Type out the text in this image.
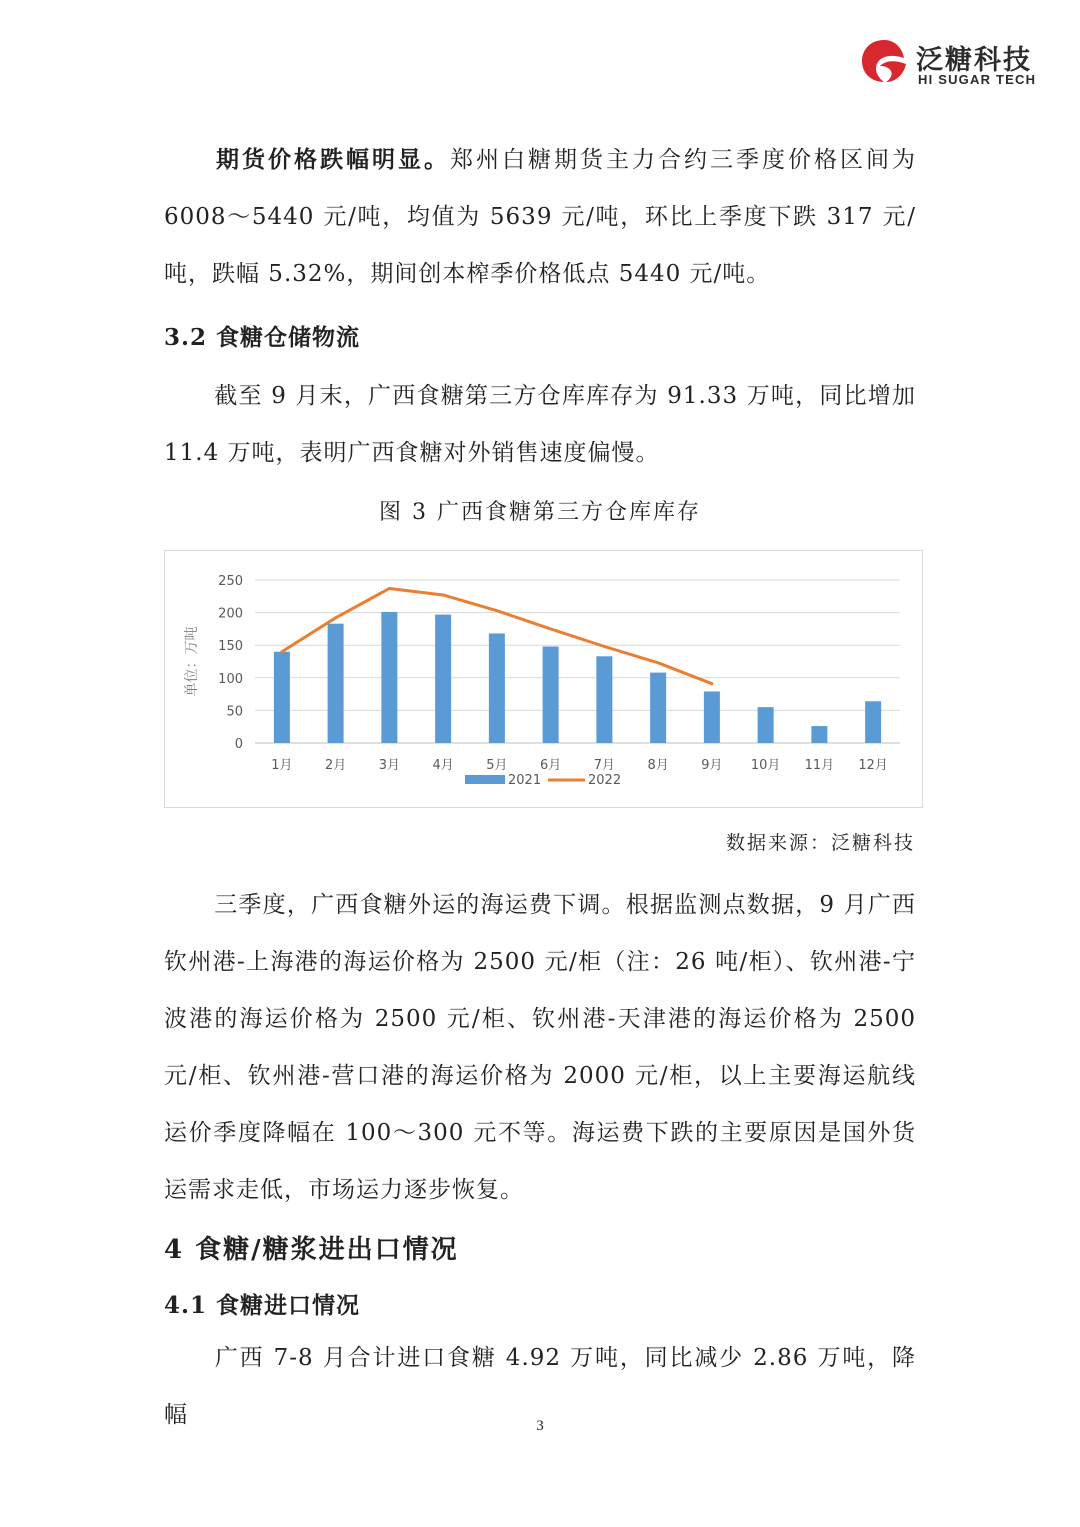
泛糖科技
HI SUGAR TECH

期货价格跌幅明显。郑州白糖期货主力合约三季度价格区间为6008～5440 元/吨，均值为 5639 元/吨，环比上季度下跌 317 元/吨，跌幅 5.32%，期间创本榨季价格低点 5440 元/吨。

3.2 食糖仓储物流

截至 9 月末，广西食糖第三方仓库库存为 91.33 万吨，同比增加 11.4 万吨，表明广西食糖对外销售速度偏慢。

图 3 广西食糖第三方仓库库存

0
50
100
150
200
250
单位：万吨
1月 2月 3月 4月 5月 6月 7月 8月 9月 10月 11月 12月
2021	2022

数据来源：泛糖科技

三季度，广西食糖外运的海运费下调。根据监测点数据，9 月广西钦州港-上海港的海运价格为 2500 元/柜（注：26 吨/柜）、钦州港-宁波港的海运价格为 2500 元/柜、钦州港-天津港的海运价格为 2500 元/柜、钦州港-营口港的海运价格为 2000 元/柜，以上主要海运航线运价季度降幅在 100～300 元不等。海运费下跌的主要原因是国外货运需求走低，市场运力逐步恢复。

4 食糖/糖浆进出口情况
4.1 食糖进口情况

广西 7-8 月合计进口食糖 4.92 万吨，同比减少 2.86 万吨，降幅	3
